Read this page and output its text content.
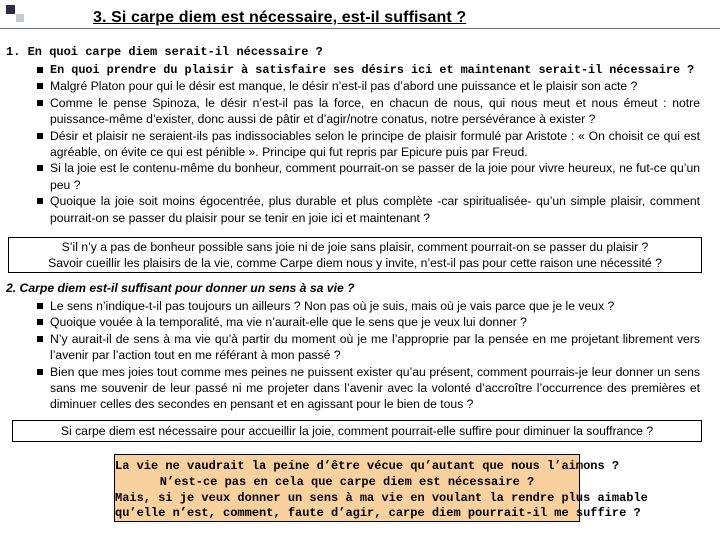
3. Si carpe diem est nécessaire, est-il suffisant ?
1. En quoi carpe diem serait-il nécessaire ?
En quoi prendre du plaisir à satisfaire ses désirs ici et maintenant serait-il nécessaire ?
Malgré Platon pour qui le désir est manque, le désir n’est-il pas d’abord une puissance et le plaisir son acte ?
Comme le pense Spinoza, le désir n’est-il pas la force, en chacun de nous, qui nous meut et nous émeut : notre puissance-même d’exister, donc aussi de pâtir et d’agir/notre conatus, notre persévérance à exister ?
Désir et plaisir ne seraient-ils pas indissociables selon le principe de plaisir formulé par Aristote : « On choisit ce qui est agréable, on évite ce qui est pénible ». Principe qui fut repris par Epicure puis par Freud.
Si la joie est le contenu-même du bonheur, comment pourrait-on se passer de la joie pour vivre heureux, ne fut-ce qu’un peu ?
Quoique la joie soit moins égocentrée, plus durable et plus complète -car spiritualisée- qu’un simple plaisir, comment pourrait-on se passer du plaisir pour se tenir en joie ici et maintenant ?
S’il n’y a pas de bonheur possible sans joie ni de joie sans plaisir, comment pourrait-on se passer du plaisir ?
Savoir cueillir les plaisirs de la vie, comme Carpe diem nous y invite, n’est-il pas pour cette raison une nécessité ?
2. Carpe diem est-il suffisant pour donner un sens à sa vie ?
Le sens n’indique-t-il pas toujours un ailleurs ? Non pas où je suis, mais où je vais parce que je le veux ?
Quoique vouée à la temporalité, ma vie n’aurait-elle que le sens que je veux lui donner ?
N’y aurait-il de sens à ma vie qu’à partir du moment où je me l’approprie par la pensée en me projetant librement vers l’avenir par l’action tout en me référant à mon passé ?
Bien que mes joies tout comme mes peines ne puissent exister qu’au présent, comment pourrais-je leur donner un sens sans me souvenir de leur passé ni me projeter dans l’avenir avec la volonté d’accroître l’occurrence des premières et diminuer celles des secondes en pensant et en agissant pour le bien de tous ?
Si carpe diem est nécessaire pour accueillir la joie, comment pourrait-elle suffire pour diminuer la souffrance ?
La vie ne vaudrait la peine d’être vécue qu’autant que nous l’aimons ?
N’est-ce pas en cela que carpe diem est nécessaire ?
Mais, si je veux donner un sens à ma vie en voulant la rendre plus aimable
qu’elle n’est, comment, faute d’agir, carpe diem pourrait-il me suffire ?
